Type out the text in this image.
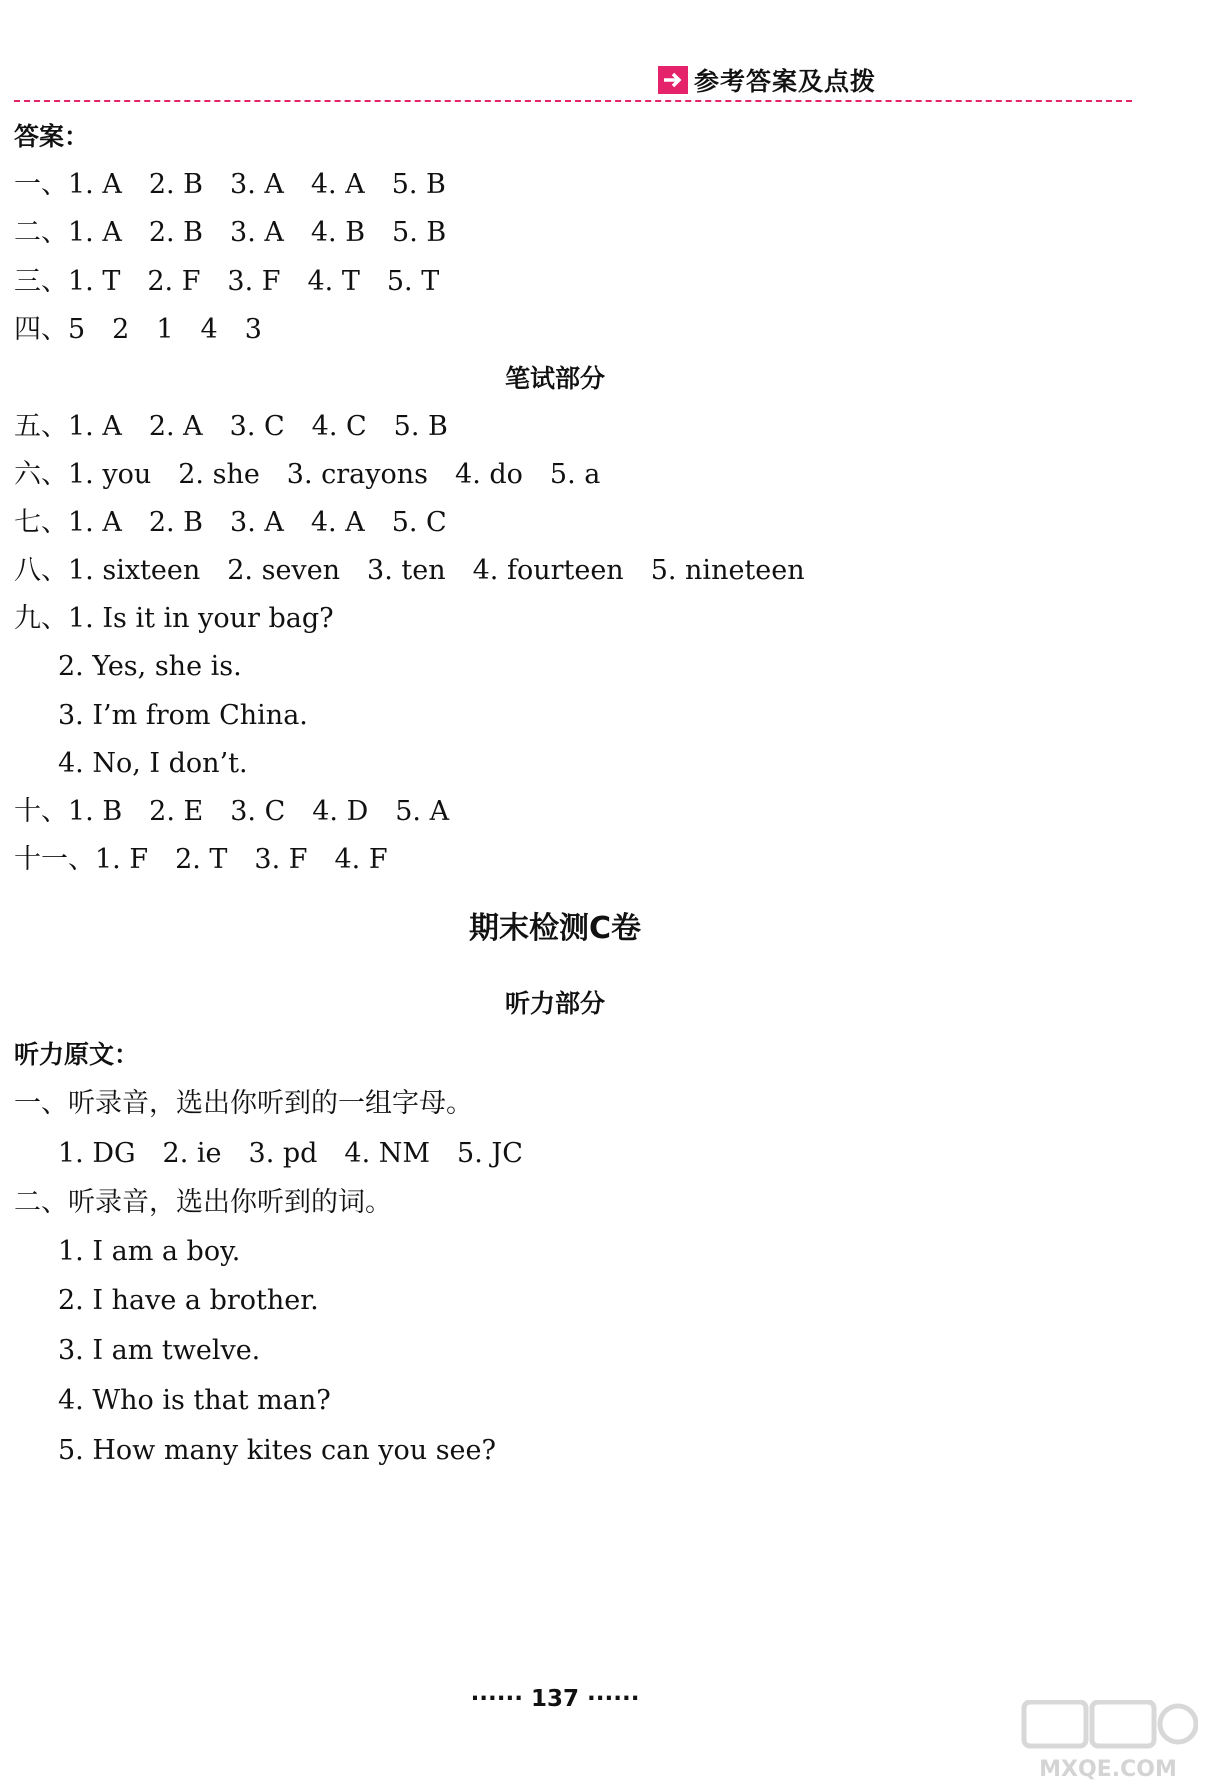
参考答案及点拨
答案：
一、1. A　2. B　3. A　4. A　5. B
二、1. A　2. B　3. A　4. B　5. B
三、1. T　2. F　3. F　4. T　5. T
四、5　2　1　4　3
笔试部分
五、1. A　2. A　3. C　4. C　5. B
六、1. you　2. she　3. crayons　4. do　5. a
七、1. A　2. B　3. A　4. A　5. C
八、1. sixteen　2. seven　3. ten　4. fourteen　5. nineteen
九、1. Is it in your bag?
2. Yes, she is.
3. I’m from China.
4. No, I don’t.
十、1. B　2. E　3. C　4. D　5. A
十一、1. F　2. T　3. F　4. F
期末检测C卷
听力部分
听力原文：
一、听录音，选出你听到的一组字母。
1. DG　2. ie　3. pd　4. NM　5. JC
二、听录音，选出你听到的词。
1. I am a boy.
2. I have a brother.
3. I am twelve.
4. Who is that man?
5. How many kites can you see?
······ 137 ······
MXQE.COM
